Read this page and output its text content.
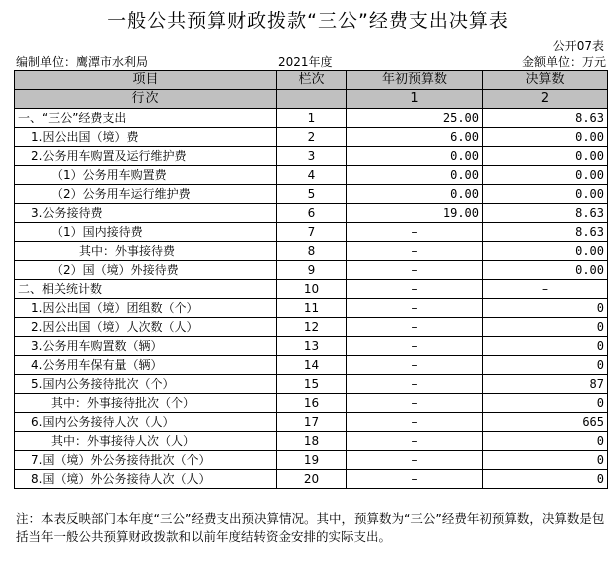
一般公共预算财政拨款“三公”经费支出决算表
公开07表
编制单位：鹰潭市水利局	2021年度	金额单位：万元
项目	栏次	年初预算数	决算数
行次		1	2
一、“三公”经费支出	1	25.00	8.63
1.因公出国（境）费	2	6.00	0.00
2.公务用车购置及运行维护费	3	0.00	0.00
（1）公务用车购置费	4	0.00	0.00
（2）公务用车运行维护费	5	0.00	0.00
3.公务接待费	6	19.00	8.63
（1）国内接待费	7	–	8.63
其中：外事接待费	8	–	0.00
（2）国（境）外接待费	9	–	0.00
二、相关统计数	10	–	–
1.因公出国（境）团组数（个）	11	–	0
2.因公出国（境）人次数（人）	12	–	0
3.公务用车购置数（辆）	13	–	0
4.公务用车保有量（辆）	14	–	0
5.国内公务接待批次（个）	15	–	87
其中：外事接待批次（个）	16	–	0
6.国内公务接待人次（人）	17	–	665
其中：外事接待人次（人）	18	–	0
7.国（境）外公务接待批次（个）	19	–	0
8.国（境）外公务接待人次（人）	20	–	0
注：本表反映部门本年度“三公”经费支出预决算情况。其中，预算数为“三公”经费年初预算数，决算数是包括当年一般公共预算财政拨款和以前年度结转资金安排的实际支出。
